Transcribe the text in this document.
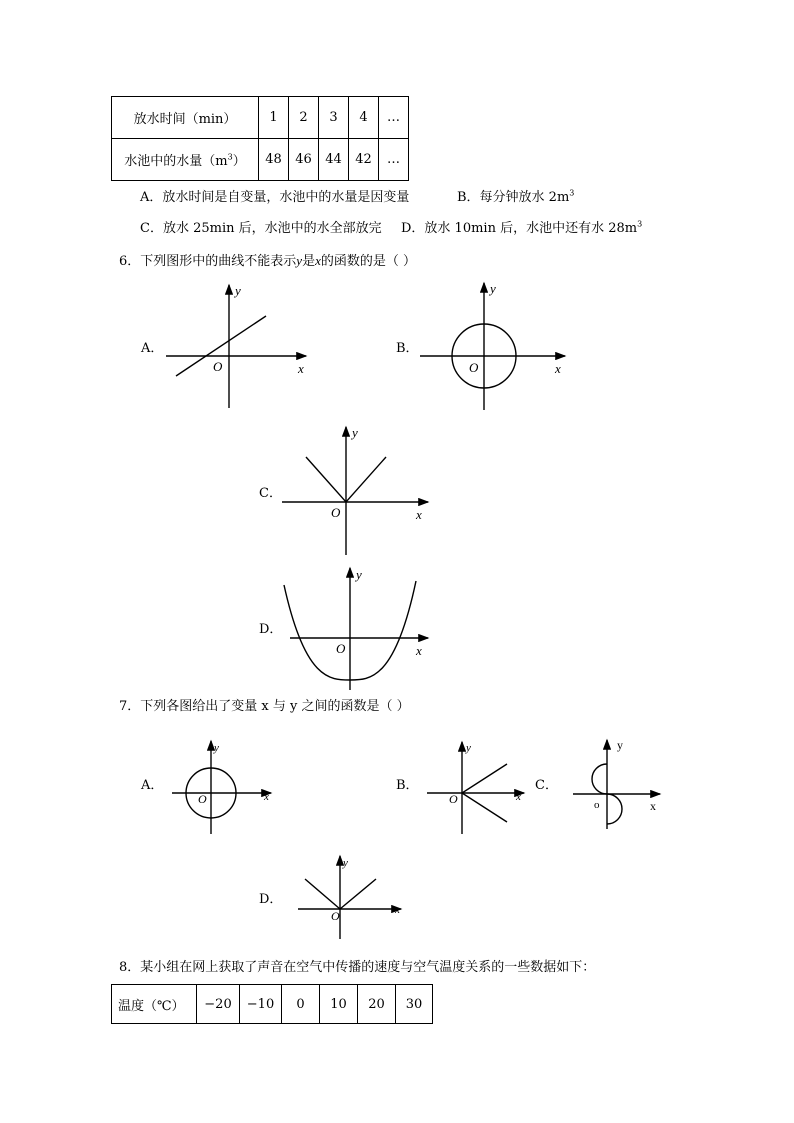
放水时间（min）	1	2	3	4	…
水池中的水量$(m^3)$	48	46	44	42	…
A．放水时间是自变量，水池中的水量是因变量	B．每分钟放水 $2m^3$
C．放水 25min 后，水池中的水全部放完 D．放水 10min 后，水池中还有水 $28m^3$
6．下列图形中的曲线不能表示y是x的函数的是（ ）
A．	B．
C．
D．
y
x
O
y
x
O
y
x
O
y
x
O
y
x
O
y
x
O
y
x
O
y
x
o
7．下列各图给出了变量 x 与 y 之间的函数是（ ）
A．	B．	C．
D．
8．某小组在网上获取了声音在空气中传播的速度与空气温度关系的一些数据如下：
温度（℃）	−20	−10	0	10	20	30
